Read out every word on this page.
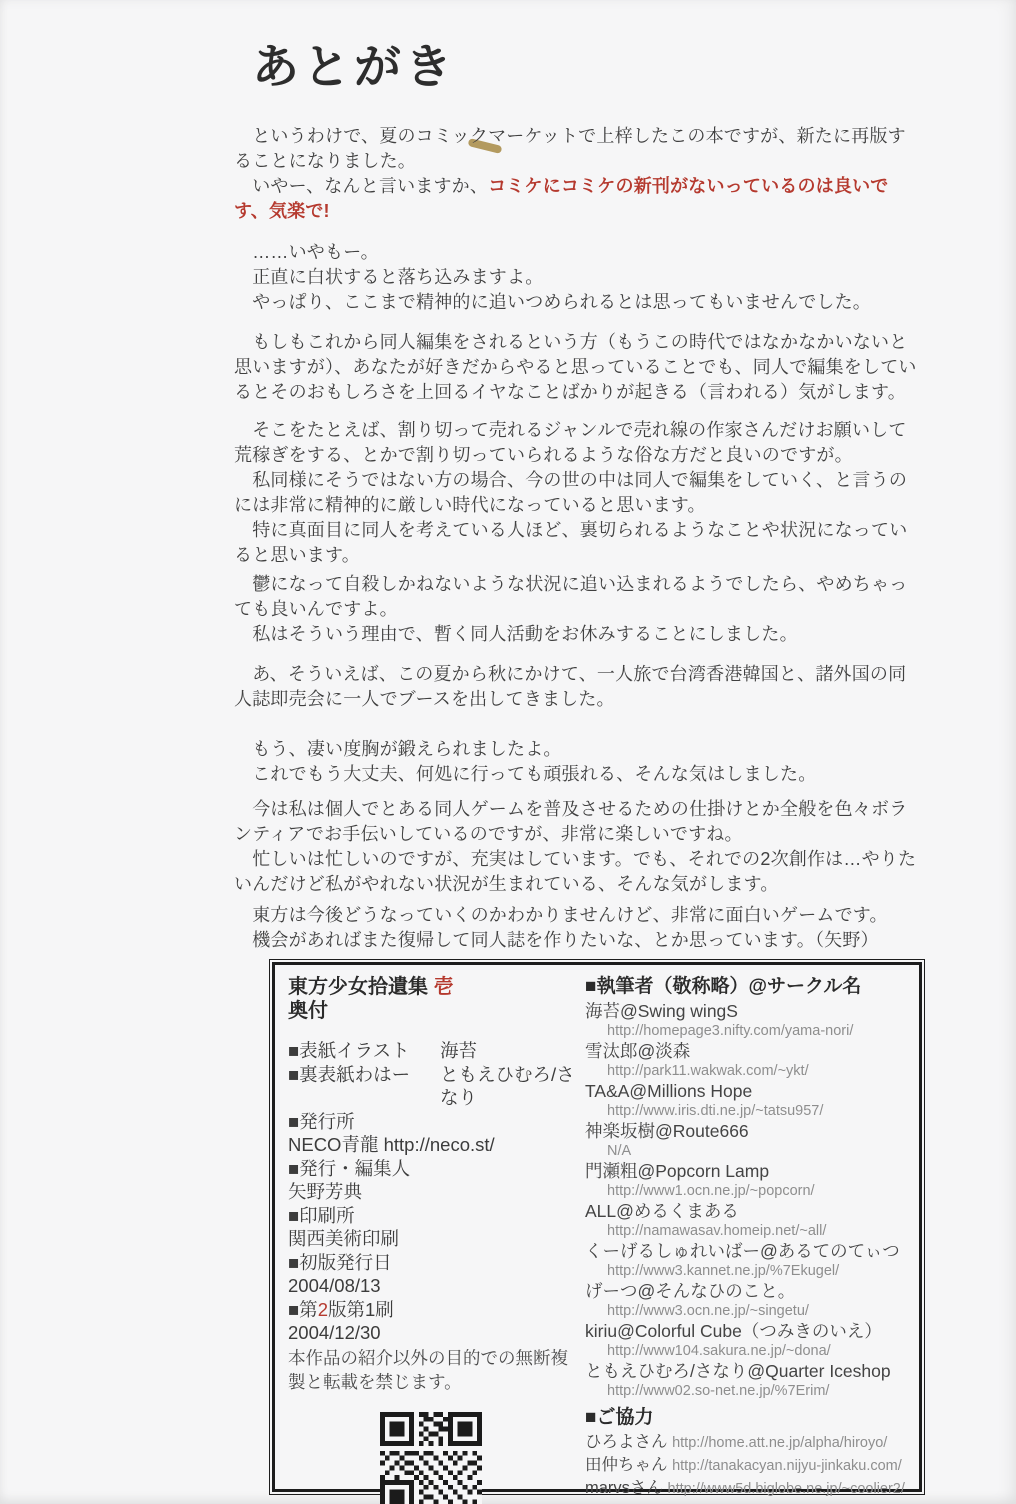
あとがき

　というわけで、夏のコミックマーケットで上梓したこの本ですが、新たに再版することになりました。

　いやー、なんと言いますか、コミケにコミケの新刊がないっているのは良いです、気楽で!

　……いやもー。

　正直に白状すると落ち込みますよ。

　やっぱり、ここまで精神的に追いつめられるとは思ってもいませんでした。

　もしもこれから同人編集をされるという方（もうこの時代ではなかなかいないと思いますが）、あなたが好きだからやると思っていることでも、同人で編集をしているとそのおもしろさを上回るイヤなことばかりが起きる（言われる）気がします。

　そこをたとえば、割り切って売れるジャンルで売れ線の作家さんだけお願いして荒稼ぎをする、とかで割り切っていられるような俗な方だと良いのですが。

　私同様にそうではない方の場合、今の世の中は同人で編集をしていく、と言うのには非常に精神的に厳しい時代になっていると思います。

　特に真面目に同人を考えている人ほど、裏切られるようなことや状況になっていると思います。

　鬱になって自殺しかねないような状況に追い込まれるようでしたら、やめちゃっても良いんですよ。

　私はそういう理由で、暫く同人活動をお休みすることにしました。

　あ、そういえば、この夏から秋にかけて、一人旅で台湾香港韓国と、諸外国の同人誌即売会に一人でブースを出してきました。

　もう、凄い度胸が鍛えられましたよ。

　これでもう大丈夫、何処に行っても頑張れる、そんな気はしました。

　今は私は個人でとある同人ゲームを普及させるための仕掛けとか全般を色々ボランティアでお手伝いしているのですが、非常に楽しいですね。

　忙しいは忙しいのですが、充実はしています。でも、それでの2次創作は…やりたいんだけど私がやれない状況が生まれている、そんな気がします。

　東方は今後どうなっていくのかわかりませんけど、非常に面白いゲームです。

　機会があればまた復帰して同人誌を作りたいな、とか思っています。（矢野）

東方少女拾遺集 壱
奥付
■表紙イラスト	海苔
■裏表紙わはー	ともえひむろ/さなり
■発行所
NECO青龍 http://neco.st/
■発行・編集人
矢野芳典
■印刷所
関西美術印刷
■初版発行日
2004/08/13
■第2版第1刷
2004/12/30
本作品の紹介以外の目的での無断複製と転載を禁じます。
■執筆者（敬称略）@サークル名
海苔@Swing wingS
http://homepage3.nifty.com/yama-nori/
雪汰郎@淡森
http://park11.wakwak.com/~ykt/
TA&A@Millions Hope
http://www.iris.dti.ne.jp/~tatsu957/
神楽坂樹@Route666
N/A
門瀬粗@Popcorn Lamp
http://www1.ocn.ne.jp/~popcorn/
ALL@めるくまある
http://namawasav.homeip.net/~all/
くーげるしゅれいばー@あるてのてぃつ
http://www3.kannet.ne.jp/%7Ekugel/
げーつ@そんなひのこと。
http://www3.ocn.ne.jp/~singetu/
kiriu@Colorful Cube（つみきのいえ）
http://www104.sakura.ne.jp/~dona/
ともえひむろ/さなり@Quarter Iceshop
http://www02.so-net.ne.jp/%7Erim/
■ご協力
ひろよさん http://home.att.ne.jp/alpha/hiroyo/
田仲ちゃん http://tanakacyan.nijyu-jinkaku.com/
marvsさん http://www5d.biglobe.ne.jp/~coolier2/
